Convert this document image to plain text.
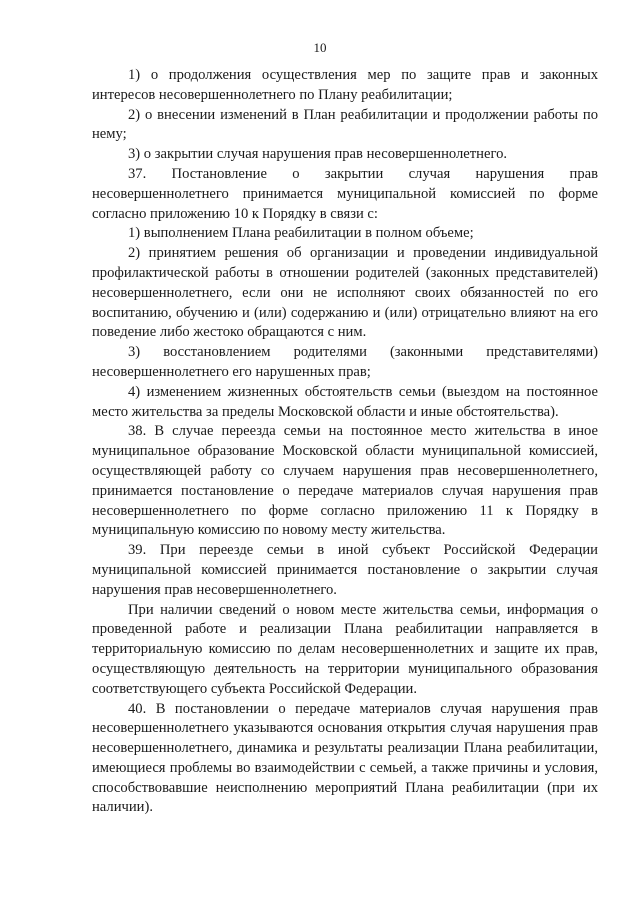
10

1) о продолжения осуществления мер по защите прав и законных интересов несовершеннолетнего по Плану реабилитации;

2) о внесении изменений в План реабилитации и продолжении работы по нему;

3) о закрытии случая нарушения прав несовершеннолетнего.

37. Постановление о закрытии случая нарушения прав несовершеннолетнего принимается муниципальной комиссией по форме согласно приложению 10 к Порядку в связи с:

1) выполнением Плана реабилитации в полном объеме;

2) принятием решения об организации и проведении индивидуальной профилактической работы в отношении родителей (законных представителей) несовершеннолетнего, если они не исполняют своих обязанностей по его воспитанию, обучению и (или) содержанию и (или) отрицательно влияют на его поведение либо жестоко обращаются с ним.

3) восстановлением родителями (законными представителями) несовершеннолетнего его нарушенных прав;

4) изменением жизненных обстоятельств семьи (выездом на постоянное место жительства за пределы Московской области и иные обстоятельства).

38. В случае переезда семьи на постоянное место жительства в иное муниципальное образование Московской области муниципальной комиссией, осуществляющей работу со случаем нарушения прав несовершеннолетнего, принимается постановление о передаче материалов случая нарушения прав несовершеннолетнего по форме согласно приложению 11 к Порядку в муниципальную комиссию по новому месту жительства.

39. При переезде семьи в иной субъект Российской Федерации муниципальной комиссией принимается постановление о закрытии случая нарушения прав несовершеннолетнего.

При наличии сведений о новом месте жительства семьи, информация о проведенной работе и реализации Плана реабилитации направляется в территориальную комиссию по делам несовершеннолетних и защите их прав, осуществляющую деятельность на территории муниципального образования соответствующего субъекта Российской Федерации.

40. В постановлении о передаче материалов случая нарушения прав несовершеннолетнего указываются основания открытия случая нарушения прав несовершеннолетнего, динамика и результаты реализации Плана реабилитации, имеющиеся проблемы во взаимодействии с семьей, а также причины и условия, способствовавшие неисполнению мероприятий Плана реабилитации (при их наличии).
